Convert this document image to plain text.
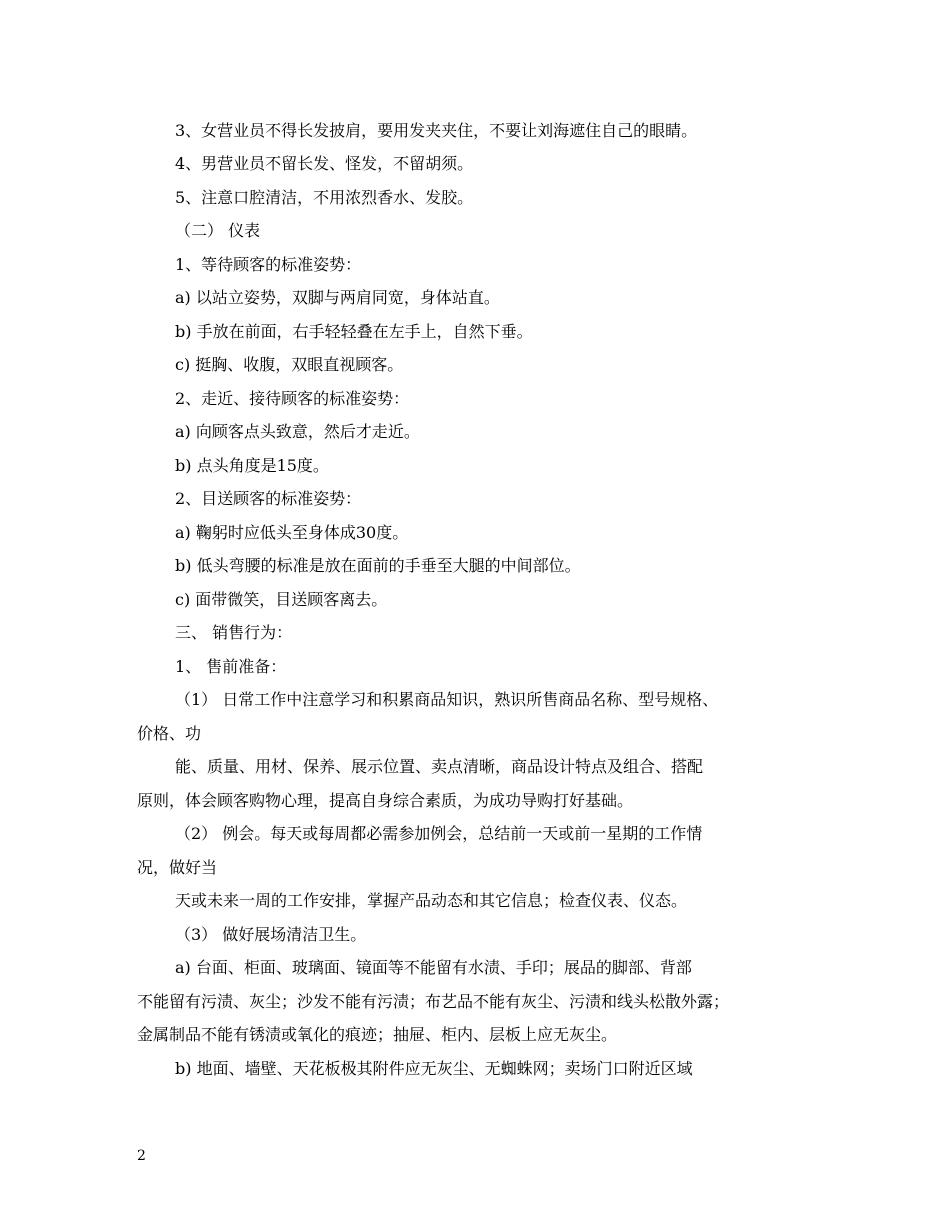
3、女营业员不得长发披肩，要用发夹夹住，不要让刘海遮住自己的眼睛。
4、男营业员不留长发、怪发，不留胡须。
5、注意口腔清洁，不用浓烈香水、发胶。
（二） 仪表
1、等待顾客的标准姿势：
a) 以站立姿势，双脚与两肩同宽，身体站直。
b) 手放在前面，右手轻轻叠在左手上，自然下垂。
c) 挺胸、收腹，双眼直视顾客。
2、走近、接待顾客的标准姿势：
a) 向顾客点头致意，然后才走近。
b) 点头角度是15度。
2、目送顾客的标准姿势：
a) 鞠躬时应低头至身体成30度。
b) 低头弯腰的标准是放在面前的手垂至大腿的中间部位。
c) 面带微笑，目送顾客离去。
三、 销售行为：
1、 售前准备：
（1） 日常工作中注意学习和积累商品知识，熟识所售商品名称、型号规格、
价格、功
能、质量、用材、保养、展示位置、卖点清晰，商品设计特点及组合、搭配
原则，体会顾客购物心理，提高自身综合素质，为成功导购打好基础。
（2） 例会。每天或每周都必需参加例会，总结前一天或前一星期的工作情
况，做好当
天或未来一周的工作安排，掌握产品动态和其它信息；检查仪表、仪态。
（3） 做好展场清洁卫生。
a) 台面、柜面、玻璃面、镜面等不能留有水渍、手印；展品的脚部、背部
不能留有污渍、灰尘；沙发不能有污渍；布艺品不能有灰尘、污渍和线头松散外露；
金属制品不能有锈渍或氧化的痕迹；抽屉、柜内、层板上应无灰尘。
b) 地面、墙壁、天花板极其附件应无灰尘、无蜘蛛网；卖场门口附近区域
2
